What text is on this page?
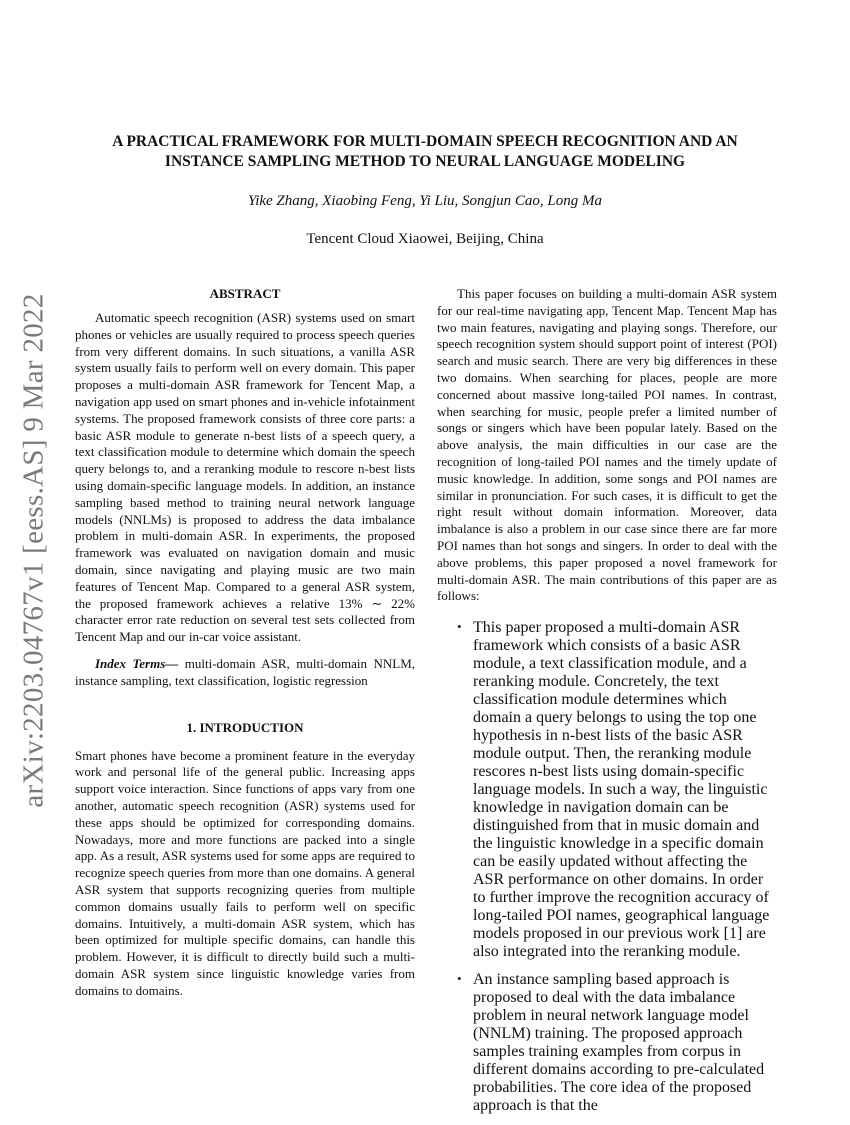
arXiv:2203.04767v1 [eess.AS] 9 Mar 2022
A PRACTICAL FRAMEWORK FOR MULTI-DOMAIN SPEECH RECOGNITION AND AN
INSTANCE SAMPLING METHOD TO NEURAL LANGUAGE MODELING
Yike Zhang, Xiaobing Feng, Yi Liu, Songjun Cao, Long Ma
Tencent Cloud Xiaowei, Beijing, China
ABSTRACT

Automatic speech recognition (ASR) systems used on smart phones or vehicles are usually required to process speech queries from very different domains. In such situations, a vanilla ASR system usually fails to perform well on every domain. This paper proposes a multi-domain ASR framework for Tencent Map, a navigation app used on smart phones and in-vehicle infotainment systems. The proposed framework consists of three core parts: a basic ASR module to generate n-best lists of a speech query, a text classification module to determine which domain the speech query belongs to, and a reranking module to rescore n-best lists using domain-specific language models. In addition, an instance sampling based method to training neural network language models (NNLMs) is proposed to address the data imbalance problem in multi-domain ASR. In experiments, the proposed framework was evaluated on navigation domain and music domain, since navigating and playing music are two main features of Tencent Map. Compared to a general ASR system, the proposed framework achieves a relative 13% ∼ 22% character error rate reduction on several test sets collected from Tencent Map and our in-car voice assistant.

Index Terms— multi-domain ASR, multi-domain NNLM, instance sampling, text classification, logistic regression

1. INTRODUCTION

Smart phones have become a prominent feature in the everyday work and personal life of the general public. Increasing apps support voice interaction. Since functions of apps vary from one another, automatic speech recognition (ASR) systems used for these apps should be optimized for corresponding domains. Nowadays, more and more functions are packed into a single app. As a result, ASR systems used for some apps are required to recognize speech queries from more than one domains. A general ASR system that supports recognizing queries from multiple common domains usually fails to perform well on specific domains. Intuitively, a multi-domain ASR system, which has been optimized for multiple specific domains, can handle this problem. However, it is difficult to directly build such a multi-domain ASR system since linguistic knowledge varies from domains to domains.

This paper focuses on building a multi-domain ASR system for our real-time navigating app, Tencent Map. Tencent Map has two main features, navigating and playing songs. Therefore, our speech recognition system should support point of interest (POI) search and music search. There are very big differences in these two domains. When searching for places, people are more concerned about massive long-tailed POI names. In contrast, when searching for music, people prefer a limited number of songs or singers which have been popular lately. Based on the above analysis, the main difficulties in our case are the recognition of long-tailed POI names and the timely update of music knowledge. In addition, some songs and POI names are similar in pronunciation. For such cases, it is difficult to get the right result without domain information. Moreover, data imbalance is also a problem in our case since there are far more POI names than hot songs and singers. In order to deal with the above problems, this paper proposed a novel framework for multi-domain ASR. The main contributions of this paper are as follows:

• This paper proposed a multi-domain ASR framework which consists of a basic ASR module, a text classification module, and a reranking module. Concretely, the text classification module determines which domain a query belongs to using the top one hypothesis in n-best lists of the basic ASR module output. Then, the reranking module rescores n-best lists using domain-specific language models. In such a way, the linguistic knowledge in navigation domain can be distinguished from that in music domain and the linguistic knowledge in a specific domain can be easily updated without affecting the ASR performance on other domains. In order to further improve the recognition accuracy of long-tailed POI names, geographical language models proposed in our previous work [1] are also integrated into the reranking module.
• An instance sampling based approach is proposed to deal with the data imbalance problem in neural network language model (NNLM) training. The proposed approach samples training examples from corpus in different domains according to pre-calculated probabilities. The core idea of the proposed approach is that the
